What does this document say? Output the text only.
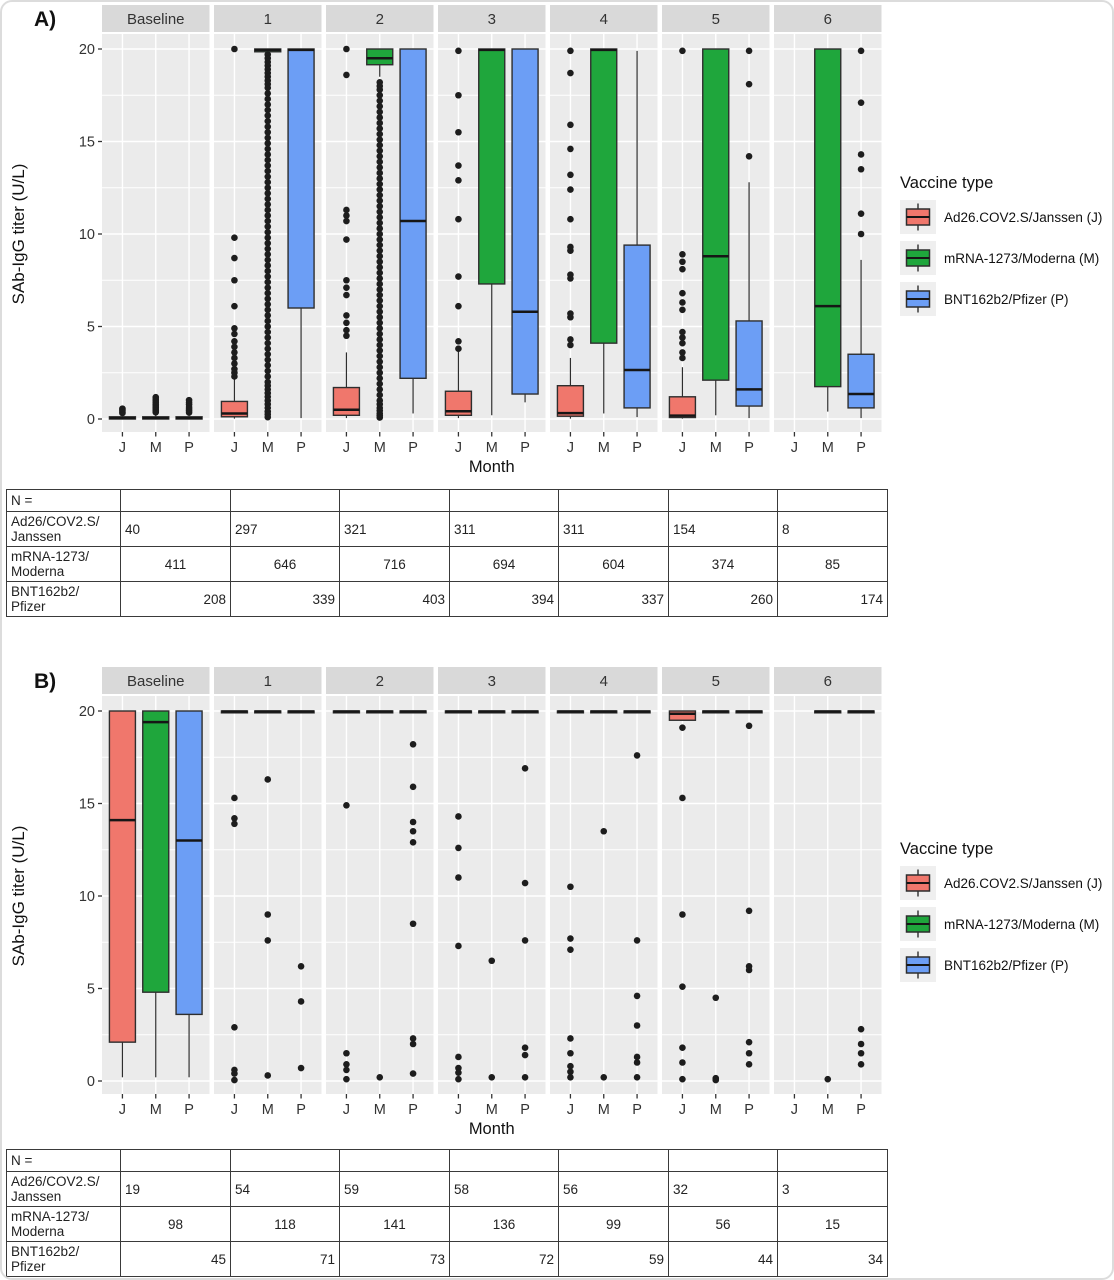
A)
SAb-IgG titer (U/L)
0
5
10
15
20
Baseline
J M P
1
J M P
2
J M P
3
J M P
4
J M P
5
J M P
6
J M P
Month
Vaccine type
Ad26.COV2.S/Janssen (J)
mRNA-1273/Moderna (M)
BNT162b2/Pfizer (P)
N =							

Ad26/COV2.S/
Janssen	40	297	321	311	311	154	8

mRNA-1273/
Moderna	411	646	716	694	604	374	85

BNT162b2/
Pfizer	208	339	403	394	337	260	174
B)
SAb-IgG titer (U/L)
0
5
10
15
20
Baseline
J M P
1
J M P
2
J M P
3
J M P
4
J M P
5
J M P
6
J M P
Month
Vaccine type
Ad26.COV2.S/Janssen (J)
mRNA-1273/Moderna (M)
BNT162b2/Pfizer (P)
N =							

Ad26/COV2.S/
Janssen	19	54	59	58	56	32	3

mRNA-1273/
Moderna	98	118	141	136	99	56	15

BNT162b2/
Pfizer	45	71	73	72	59	44	34
